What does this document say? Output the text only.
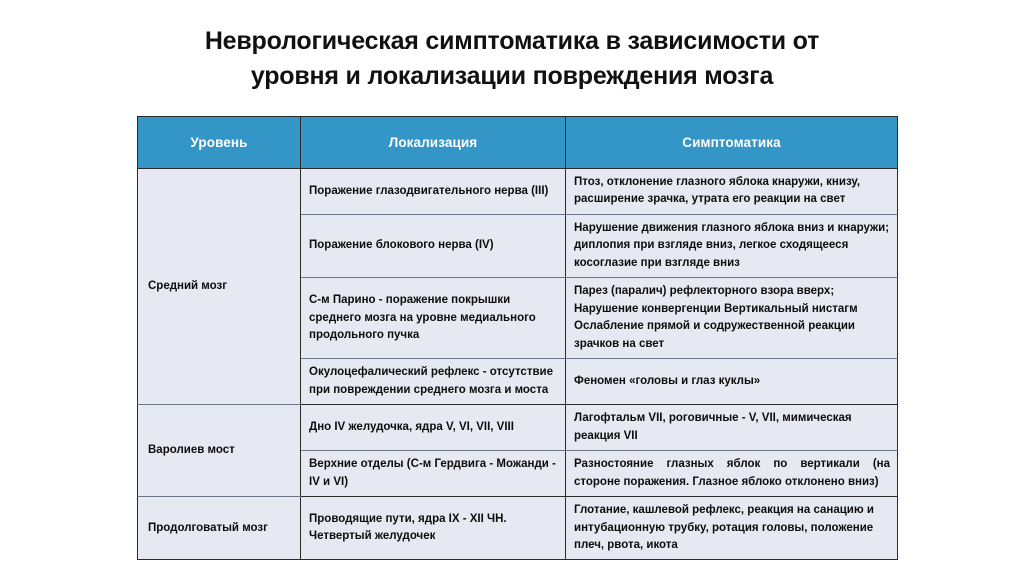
Неврологическая симптоматика в зависимости от
уровня и локализации повреждения мозга
Уровень	Локализация	Симптоматика
Средний мозг	Поражение глазодвигательного нерва (III)	Птоз, отклонение глазного яблока кнаружи, книзу, расширение зрачка, утрата его реакции на свет
	Поражение блокового нерва (IV)	Нарушение движения глазного яблока вниз и кнаружи; диплопия при взгляде вниз, легкое сходящееся косоглазие при взгляде вниз
	С-м Парино - поражение покрышки среднего мозга на уровне медиального продольного пучка	Парез (паралич) рефлекторного взора вверх; Нарушение конвергенции Вертикальный нистагм Ослабление прямой и содружественной реакции зрачков на свет
	Окулоцефалический рефлекс - отсутствие при повреждении среднего мозга и моста	Феномен «головы и глаз куклы»
Варолиев мост	Дно IV желудочка, ядра V, VI, VII, VIII	Лагофтальм VII, роговичные - V, VII, мимическая реакция VII
	Верхние отделы (С-м Гердвига - Можанди - IV и VI)	Разностояние глазных яблок по вертикали (на стороне поражения. Глазное яблоко отклонено вниз)
Продолговатый мозг	Проводящие пути, ядра IX - XII ЧН. Четвертый желудочек	Глотание, кашлевой рефлекс, реакция на санацию и интубационную трубку, ротация головы, положение плеч, рвота, икота
